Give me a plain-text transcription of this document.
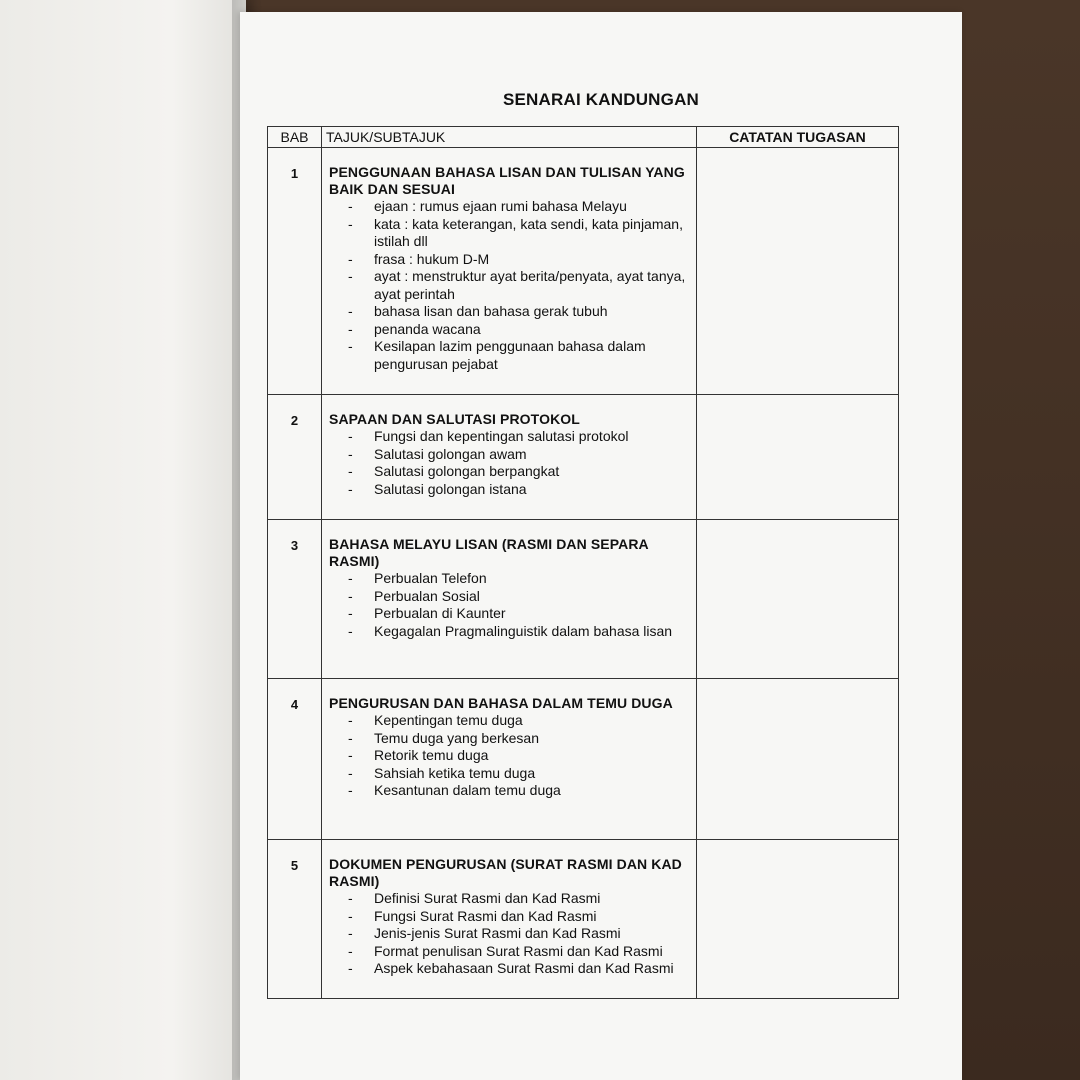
SENARAI KANDUNGAN
BAB	TAJUK/SUBTAJUK	CATATAN TUGASAN
1	PENGGUNAAN BAHASA LISAN DAN TULISAN YANG BAIK DAN SESUAI
- ejaan : rumus ejaan rumi bahasa Melayu
- kata : kata keterangan, kata sendi, kata pinjaman, istilah dll
- frasa : hukum D-M
- ayat : menstruktur ayat berita/penyata, ayat tanya, ayat perintah
- bahasa lisan dan bahasa gerak tubuh
- penanda wacana
- Kesilapan lazim penggunaan bahasa dalam pengurusan pejabat
2	SAPAAN DAN SALUTASI PROTOKOL
- Fungsi dan kepentingan salutasi protokol
- Salutasi golongan awam
- Salutasi golongan berpangkat
- Salutasi golongan istana
3	BAHASA MELAYU LISAN (RASMI DAN SEPARA RASMI)
- Perbualan Telefon
- Perbualan Sosial
- Perbualan di Kaunter
- Kegagalan Pragmalinguistik dalam bahasa lisan
4	PENGURUSAN DAN BAHASA DALAM TEMU DUGA
- Kepentingan temu duga
- Temu duga yang berkesan
- Retorik temu duga
- Sahsiah ketika temu duga
- Kesantunan dalam temu duga
5	DOKUMEN PENGURUSAN (SURAT RASMI DAN KAD RASMI)
- Definisi Surat Rasmi dan Kad Rasmi
- Fungsi Surat Rasmi dan Kad Rasmi
- Jenis-jenis Surat Rasmi dan Kad Rasmi
- Format penulisan Surat Rasmi dan Kad Rasmi
- Aspek kebahasaan Surat Rasmi dan Kad Rasmi
